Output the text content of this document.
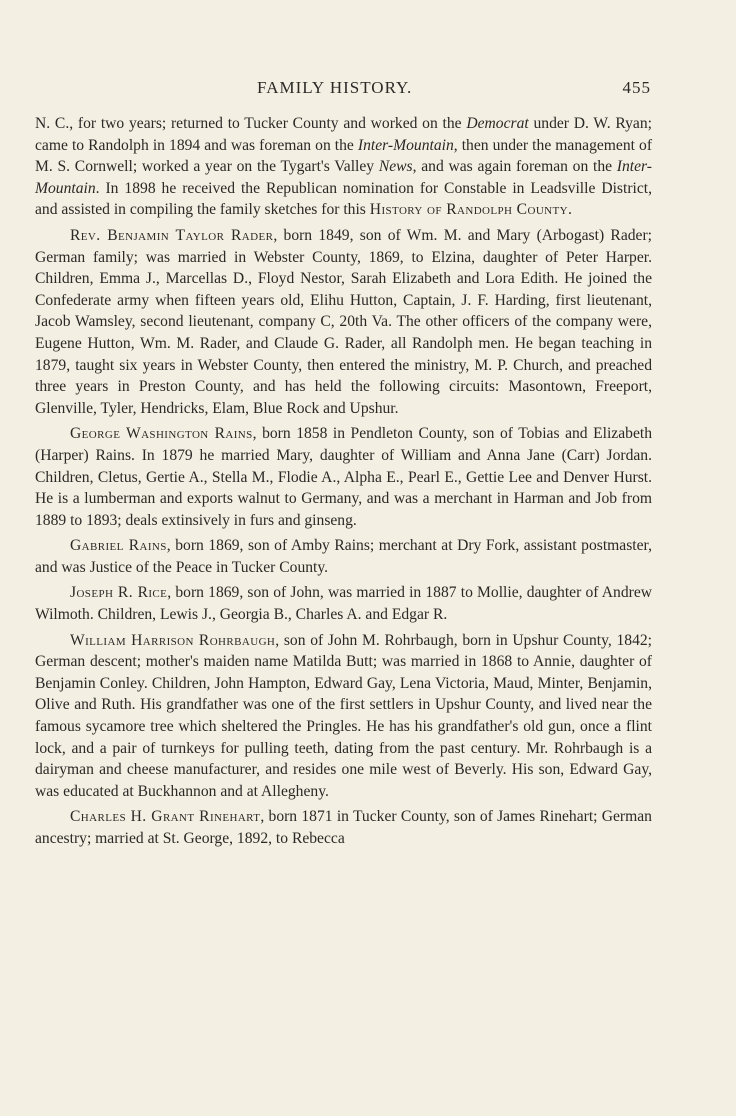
FAMILY HISTORY.	455

N. C., for two years; returned to Tucker County and worked on the Democrat under D. W. Ryan; came to Randolph in 1894 and was foreman on the Inter-Mountain, then under the management of M. S. Cornwell; worked a year on the Tygart's Valley News, and was again foreman on the Inter-Mountain. In 1898 he received the Republican nomination for Constable in Leadsville District, and assisted in compiling the family sketches for this History of Randolph County.

Rev. Benjamin Taylor Rader, born 1849, son of Wm. M. and Mary (Arbogast) Rader; German family; was married in Webster County, 1869, to Elzina, daughter of Peter Harper. Children, Emma J., Marcellas D., Floyd Nestor, Sarah Elizabeth and Lora Edith. He joined the Confederate army when fifteen years old, Elihu Hutton, Captain, J. F. Harding, first lieutenant, Jacob Wamsley, second lieutenant, company C, 20th Va. The other officers of the company were, Eugene Hutton, Wm. M. Rader, and Claude G. Rader, all Randolph men. He began teaching in 1879, taught six years in Webster County, then entered the ministry, M. P. Church, and preached three years in Preston County, and has held the following circuits: Masontown, Freeport, Glenville, Tyler, Hendricks, Elam, Blue Rock and Upshur.

George Washington Rains, born 1858 in Pendleton County, son of Tobias and Elizabeth (Harper) Rains. In 1879 he married Mary, daughter of William and Anna Jane (Carr) Jordan. Children, Cletus, Gertie A., Stella M., Flodie A., Alpha E., Pearl E., Gettie Lee and Denver Hurst. He is a lumberman and exports walnut to Germany, and was a merchant in Harman and Job from 1889 to 1893; deals extinsively in furs and ginseng.

Gabriel Rains, born 1869, son of Amby Rains; merchant at Dry Fork, assistant postmaster, and was Justice of the Peace in Tucker County.

Joseph R. Rice, born 1869, son of John, was married in 1887 to Mollie, daughter of Andrew Wilmoth. Children, Lewis J., Georgia B., Charles A. and Edgar R.

William Harrison Rohrbaugh, son of John M. Rohrbaugh, born in Upshur County, 1842; German descent; mother's maiden name Matilda Butt; was married in 1868 to Annie, daughter of Benjamin Conley. Children, John Hampton, Edward Gay, Lena Victoria, Maud, Minter, Benjamin, Olive and Ruth. His grandfather was one of the first settlers in Upshur County, and lived near the famous sycamore tree which sheltered the Pringles. He has his grandfather's old gun, once a flint lock, and a pair of turnkeys for pulling teeth, dating from the past century. Mr. Rohrbaugh is a dairyman and cheese manufacturer, and resides one mile west of Beverly. His son, Edward Gay, was educated at Buckhannon and at Allegheny.

Charles H. Grant Rinehart, born 1871 in Tucker County, son of James Rinehart; German ancestry; married at St. George, 1892, to Rebecca
